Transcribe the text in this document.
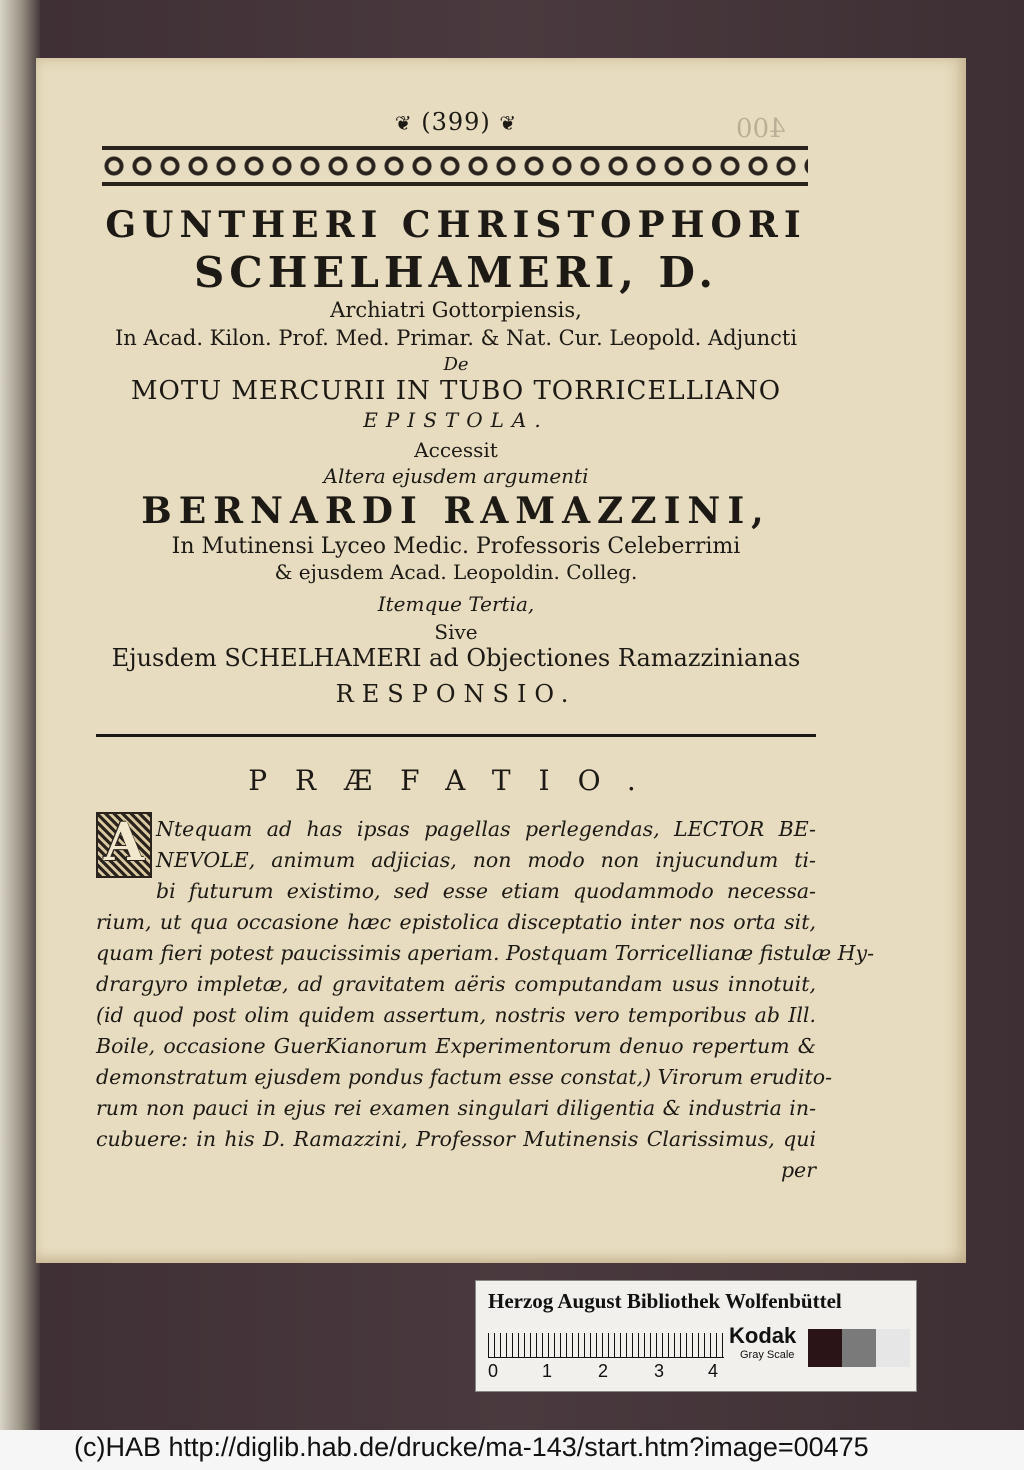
❦ (399) ❦	400
GUNTHERI CHRISTOPHORI
SCHELHAMERI, D.
Archiatri Gottorpiensis,
In Acad. Kilon. Prof. Med. Primar. & Nat. Cur. Leopold. Adjuncti
De
MOTU MERCURII IN TUBO TORRICELLIANO
EPISTOLA.
Accessit
Altera ejusdem argumenti
BERNARDI RAMAZZINI,
In Mutinensi Lyceo Medic. Professoris Celeberrimi
& ejusdem Acad. Leopoldin. Colleg.
Itemque Tertia,
Sive
Ejusdem SCHELHAMERI ad Objectiones Ramazzinianas
RESPONSIO.
PRÆFATIO.
A Ntequam ad has ipsas pagellas perlegendas, LECTOR BE-
NEVOLE, animum adjicias, non modo non injucundum ti-
bi futurum existimo, sed esse etiam quodammodo necessa-
rium, ut qua occasione hæc epistolica disceptatio inter nos orta sit,
quam fieri potest paucissimis aperiam. Postquam Torricellianæ fistulæ Hy-
drargyro impletæ, ad gravitatem aëris computandam usus innotuit,
(id quod post olim quidem assertum, nostris vero temporibus ab Ill.
Boile, occasione GuerKianorum Experimentorum denuo repertum &
demonstratum ejusdem pondus factum esse constat,) Virorum erudito-
rum non pauci in ejus rei examen singulari diligentia & industria in-
cubuere: in his D. Ramazzini, Professor Mutinensis Clarissimus, qui
per
Herzog August Bibliothek Wolfenbüttel
0 1	2	3 4
Kodak
Gray Scale
(c)HAB http://diglib.hab.de/drucke/ma-143/start.htm?image=00475
